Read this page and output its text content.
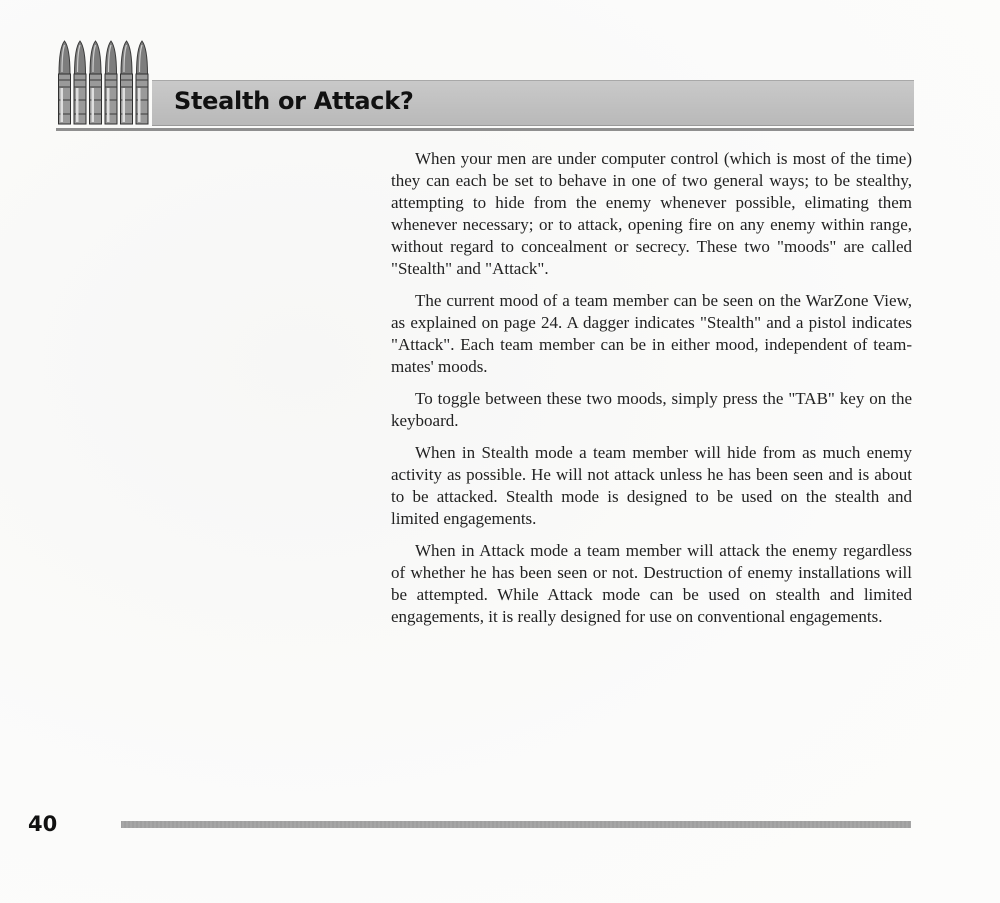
Stealth or Attack?

When your men are under computer control (which is most of the time) they can each be set to behave in one of two general ways; to be stealthy, attempting to hide from the enemy whenever possible, elimating them whenever necessary; or to attack, opening fire on any enemy within range, without regard to concealment or secrecy. These two "moods" are called "Stealth" and "Attack".

The current mood of a team member can be seen on the WarZone View, as explained on page 24. A dagger indicates "Stealth" and a pistol indicates "Attack". Each team member can be in either mood, independent of team-mates' moods.

To toggle between these two moods, simply press the "TAB" key on the keyboard.

When in Stealth mode a team member will hide from as much enemy activity as possible. He will not attack unless he has been seen and is about to be attacked. Stealth mode is designed to be used on the stealth and limited engagements.

When in Attack mode a team member will attack the enemy regardless of whether he has been seen or not. Destruction of enemy installations will be attempted. While Attack mode can be used on stealth and limited engagements, it is really designed for use on conventional engagements.

40
